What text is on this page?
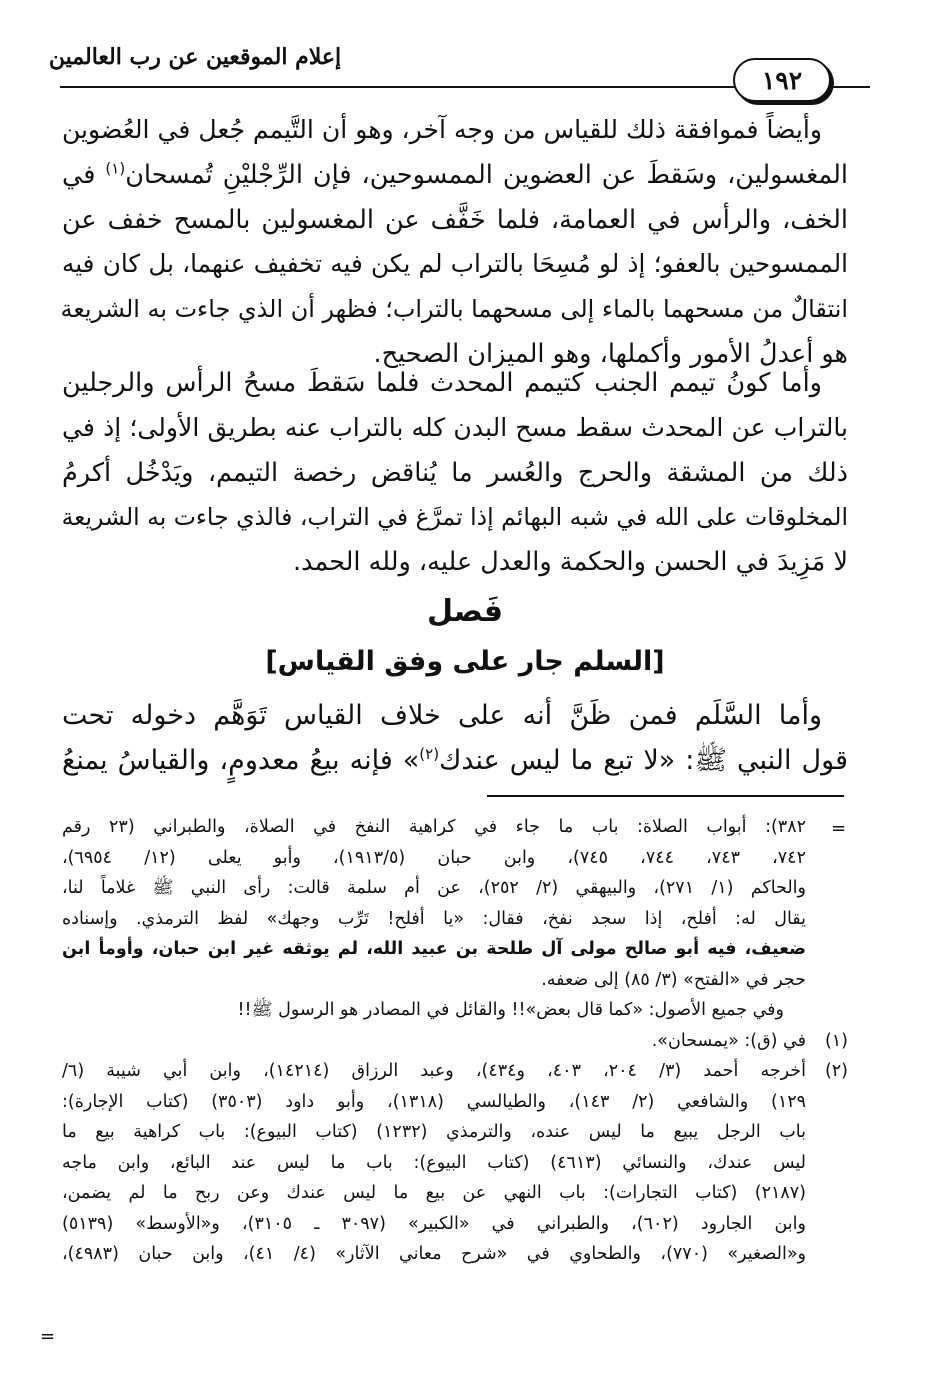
إعلام الموقعين عن رب العالمين
١٩٢
وأيضاً فموافقة ذلك للقياس من وجه آخر، وهو أن التَّيمم جُعل في العُضوين
المغسولين، وسَقطَ عن العضوين الممسوحين، فإن الرِّجْليْنِ تُمسحان$^{(١)}$ في
الخف، والرأس في العمامة، فلما خَفَّف عن المغسولين بالمسح خفف عن
الممسوحين بالعفو؛ إذ لو مُسِحَا بالتراب لم يكن فيه تخفيف عنهما، بل كان فيه
انتقالٌ من مسحهما بالماء إلى مسحهما بالتراب؛ فظهر أن الذي جاءت به الشريعة
هو أعدلُ الأمور وأكملها، وهو الميزان الصحيح.
وأما كونُ تيمم الجنب كتيمم المحدث فلما سَقطَ مسحُ الرأس والرجلين
بالتراب عن المحدث سقط مسح البدن كله بالتراب عنه بطريق الأولى؛ إذ في
ذلك من المشقة والحرج والعُسر ما يُناقض رخصة التيمم، ويَدْخُل أكرمُ
المخلوقات على الله في شبه البهائم إذا تمرَّغ في التراب، فالذي جاءت به الشريعة
لا مَزِيدَ في الحسن والحكمة والعدل عليه، ولله الحمد.
فَصل
[السلم جار على وفق القياس]
وأما السَّلَم فمن ظَنَّ أنه على خلاف القياس تَوَهَّم دخوله تحت
قول النبي ﷺ: «لا تبع ما ليس عندك$^{(٢)}$» فإنه بيعُ معدومٍ، والقياسُ يمنعُ
=
٣٨٢): أبواب الصلاة: باب ما جاء في كراهية النفخ في الصلاة، والطبراني (٢٣ رقم
٧٤٢، ٧٤٣، ٧٤٤، ٧٤٥)، وابن حبان (١٩١٣/٥)، وأبو يعلى (١٢/ ٦٩٥٤)،
والحاكم (١/ ٢٧١)، والبيهقي (٢/ ٢٥٢)، عن أم سلمة قالت: رأى النبي ﷺ غلاماً لنا،
يقال له: أفلح، إذا سجد نفخ، فقال: «يا أفلح! تَرِّب وجهك» لفظ الترمذي. وإسناده
ضعيف، فيه أبو صالح مولى آل طلحة بن عبيد الله، لم يوثقه غير ابن حبان، وأومأ ابن
حجر في «الفتح» (٣/ ٨٥) إلى ضعفه.
وفي جميع الأصول: «كما قال بعض»!! والقائل في المصادر هو الرسول ﷺ!!
(١)
في (ق): «يمسحان».
(٢)
أخرجه أحمد (٣/ ٢٠٤، ٤٠٣، و٤٣٤)، وعبد الرزاق (١٤٢١٤)، وابن أبي شيبة (٦/
١٢٩) والشافعي (٢/ ١٤٣)، والطيالسي (١٣١٨)، وأبو داود (٣٥٠٣) (كتاب الإجارة):
باب الرجل يبيع ما ليس عنده، والترمذي (١٢٣٢) (كتاب البيوع): باب كراهية بيع ما
ليس عندك، والنسائي (٤٦١٣) (كتاب البيوع): باب ما ليس عند البائع، وابن ماجه
(٢١٨٧) (كتاب التجارات): باب النهي عن بيع ما ليس عندك وعن ربح ما لم يضمن،
وابن الجارود (٦٠٢)، والطبراني في «الكبير» (٣٠٩٧ ـ ٣١٠٥)، و«الأوسط» (٥١٣٩)
و«الصغير» (٧٧٠)، والطحاوي في «شرح معاني الآثار» (٤/ ٤١)، وابن حبان (٤٩٨٣)،
=
